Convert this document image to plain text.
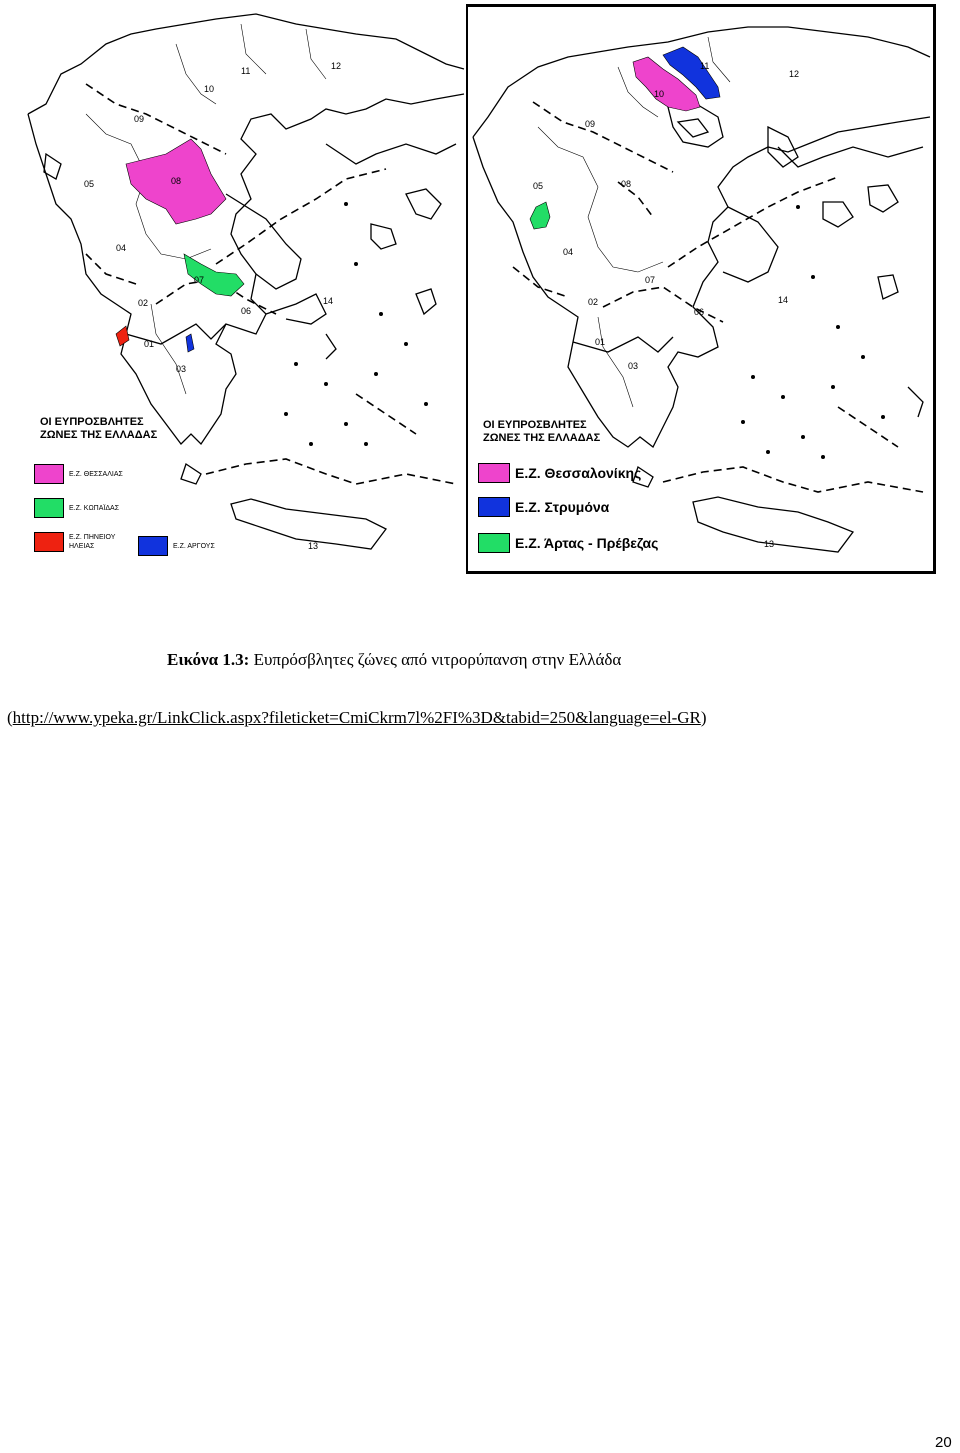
01
02
03
04
05
06
07
08
09
10
11	12
13
14
ΟΙ ΕΥΠΡΟΣΒΛΗΤΕΣ
ΖΩΝΕΣ ΤΗΣ ΕΛΛΑΔΑΣ
Ε.Ζ. ΘΕΣΣΑΛΙΑΣ
Ε.Ζ. ΚΩΠΑΪΔΑΣ
Ε.Ζ. ΠΗΝΕΙΟΥ
ΗΛΕΙΑΣ	Ε.Ζ. ΑΡΓΟΥΣ
01
02
03
04
05
06
07
08
09
10
11
12
13
14
ΟΙ ΕΥΠΡΟΣΒΛΗΤΕΣ
ΖΩΝΕΣ ΤΗΣ ΕΛΛΑΔΑΣ
Ε.Ζ. Θεσσαλονίκης
Ε.Ζ. Στρυμόνα
Ε.Ζ. Άρτας - Πρέβεζας
Εικόνα 1.3: Ευπρόσβλητες ζώνες από νιτρορύπανση στην Ελλάδα
(http://www.ypeka.gr/LinkClick.aspx?fileticket=CmiCkrm7l%2FI%3D&tabid=250&language=el-GR)
20
